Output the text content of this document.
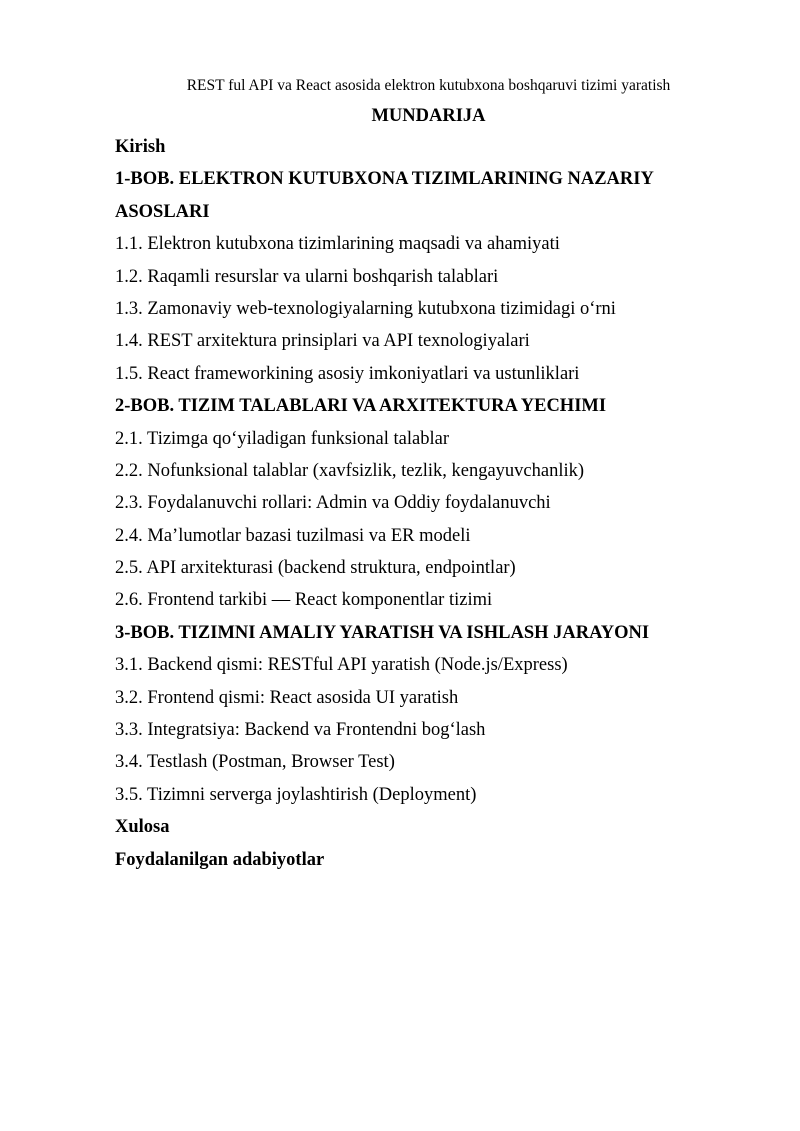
REST ful API va React asosida elektron kutubxona boshqaruvi tizimi yaratish
MUNDARIJA
Kirish
1-BOB. ELEKTRON KUTUBXONA TIZIMLARINING NAZARIY
ASOSLARI
1.1. Elektron kutubxona tizimlarining maqsadi va ahamiyati
1.2. Raqamli resurslar va ularni boshqarish talablari
1.3. Zamonaviy web-texnologiyalarning kutubxona tizimidagi o‘rni
1.4. REST arxitektura prinsiplari va API texnologiyalari
1.5. React frameworkining asosiy imkoniyatlari va ustunliklari
2-BOB. TIZIM TALABLARI VA ARXITEKTURA YECHIMI
2.1. Tizimga qo‘yiladigan funksional talablar
2.2. Nofunksional talablar (xavfsizlik, tezlik, kengayuvchanlik)
2.3. Foydalanuvchi rollari: Admin va Oddiy foydalanuvchi
2.4. Ma’lumotlar bazasi tuzilmasi va ER modeli
2.5. API arxitekturasi (backend struktura, endpointlar)
2.6. Frontend tarkibi — React komponentlar tizimi
3-BOB. TIZIMNI AMALIY YARATISH VA ISHLASH JARAYONI
3.1. Backend qismi: RESTful API yaratish (Node.js/Express)
3.2. Frontend qismi: React asosida UI yaratish
3.3. Integratsiya: Backend va Frontendni bog‘lash
3.4. Testlash (Postman, Browser Test)
3.5. Tizimni serverga joylashtirish (Deployment)
Xulosa
Foydalanilgan adabiyotlar
